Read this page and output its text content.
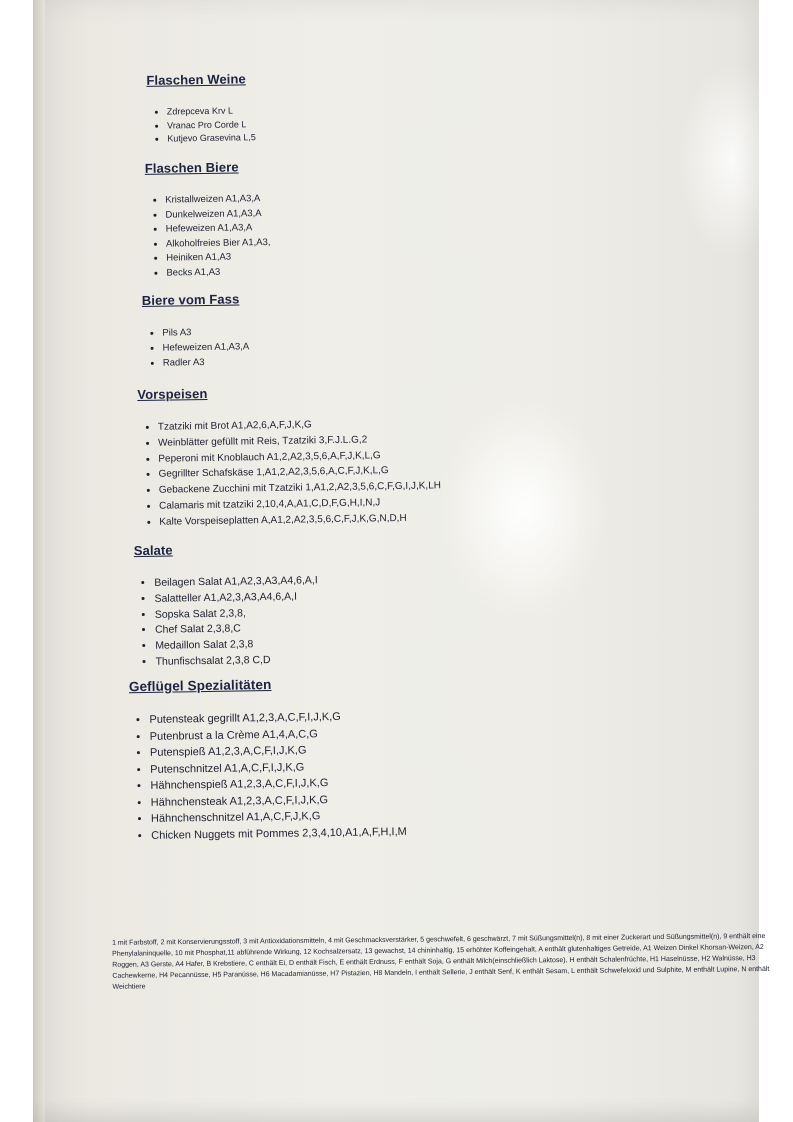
Flaschen Weine
• Zdrepceva Krv L
• Vranac Pro Corde L
• Kutjevo Grasevina L,5
Flaschen Biere
• Kristallweizen A1,A3,A
• Dunkelweizen A1,A3,A
• Hefeweizen A1,A3,A
• Alkoholfreies Bier A1,A3,
• Heiniken A1,A3
• Becks A1,A3
Biere vom Fass
• Pils A3
• Hefeweizen A1,A3,A
• Radler A3
Vorspeisen
• Tzatziki mit Brot A1,A2,6,A,F,J,K,G
• Weinblätter gefüllt mit Reis, Tzatziki 3,F.J.L.G,2
• Peperoni mit Knoblauch A1,2,A2,3,5,6,A,F,J,K,L,G
• Gegrillter Schafskäse 1,A1,2,A2,3,5,6,A,C,F,J,K,L,G
• Gebackene Zucchini mit Tzatziki 1,A1,2,A2,3,5,6,C,F,G,I,J,K,LH
• Calamaris mit tzatziki 2,10,4,A,A1,C,D,F,G,H,I,N,J
• Kalte Vorspeiseplatten A,A1,2,A2,3,5,6,C,F,J,K,G,N,D,H
Salate
• Beilagen Salat A1,A2,3,A3,A4,6,A,I
• Salatteller A1,A2,3,A3,A4,6,A,I
• Sopska Salat 2,3,8,
• Chef Salat 2,3,8,C
• Medaillon Salat 2,3,8
• Thunfischsalat 2,3,8 C,D
Geflügel Spezialitäten
• Putensteak gegrillt A1,2,3,A,C,F,I,J,K,G
• Putenbrust a la Crème A1,4,A,C,G
• Putenspieß A1,2,3,A,C,F,I,J,K,G
• Putenschnitzel A1,A,C,F,I,J,K,G
• Hähnchenspieß A1,2,3,A,C,F,I,J,K,G
• Hähnchensteak A1,2,3,A,C,F,I,J,K,G
• Hähnchenschnitzel A1,A,C,F,J,K,G
• Chicken Nuggets mit Pommes 2,3,4,10,A1,A,F,H,I,M

1 mit Farbstoff, 2 mit Konservierungsstoff, 3 mit Antioxidationsmitteln, 4 mit Geschmacksverstärker, 5 geschwefelt, 6 geschwärzt, 7 mit Süßungsmittel(n), 8 mit einer Zuckerart und Süßungsmittel(n), 9 enthält eine Phenylalaninquelle, 10 mit Phosphat,11 abführende Wirkung, 12 Kochsalzersatz, 13 gewachst, 14 chininhaltig, 15 erhöhter Koffeingehalt, A enthält glutenhaltiges Getreide, A1 Weizen Dinkel Khorsan-Weizen, A2 Roggen, A3 Gerste, A4 Hafer, B Krebstiere, C enthält Ei, D enthält Fisch, E enthält Erdnuss, F enthält Soja, G enthält Milch(einschließlich Laktose), H enthält Schalenfrüchte, H1 Haselnüsse, H2 Walnüsse, H3 Cachewkerne, H4 Pecannüsse, H5 Paranüsse, H6 Macadamianüsse, H7 Pistazien, H8 Mandeln, I enthält Sellerie, J enthält Senf, K enthält Sesam, L enthält Schwefeloxid und Sulphite, M enthält Lupine, N enthält Weichtiere
